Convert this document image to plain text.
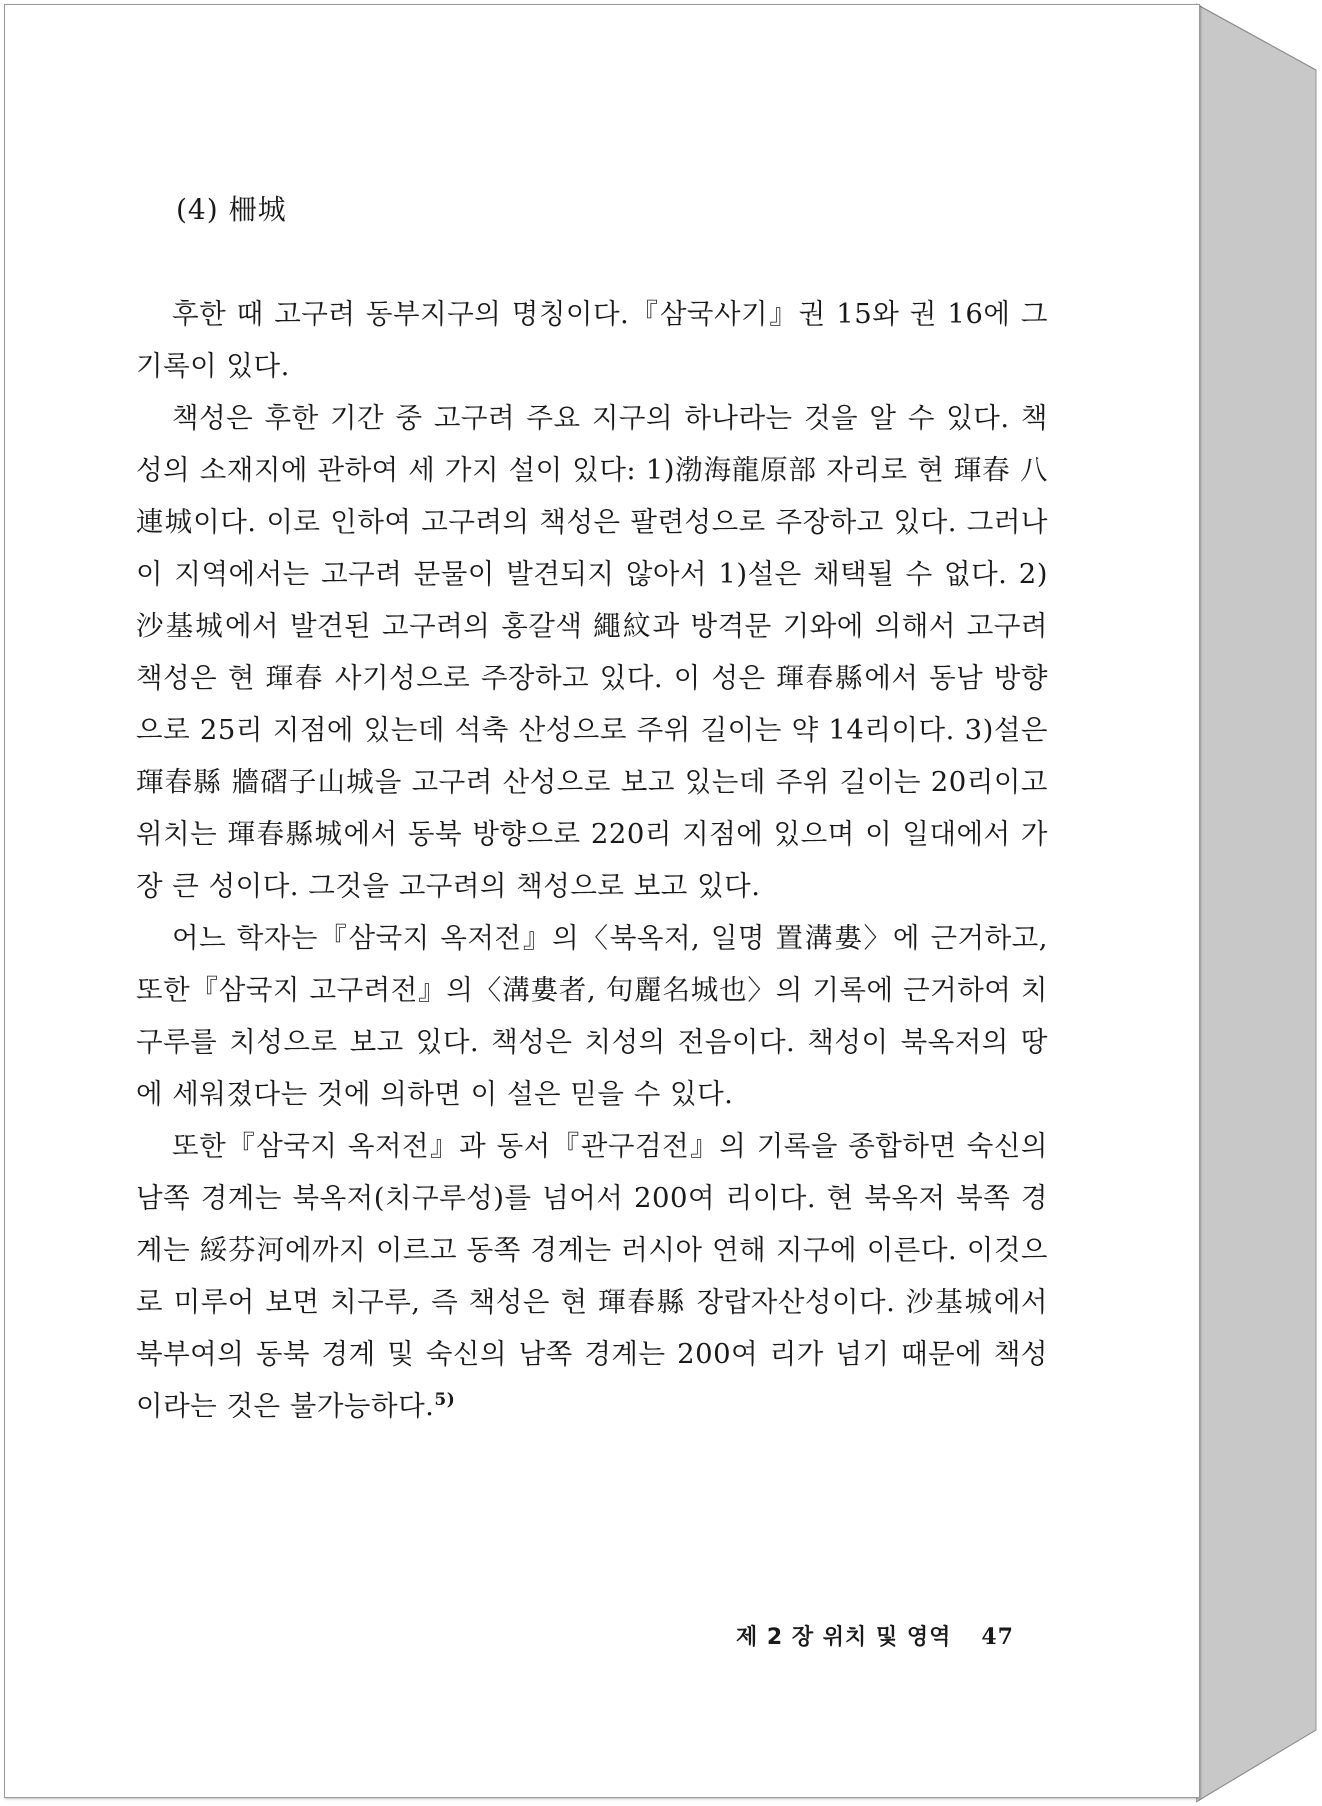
(4) 柵城

후한 때 고구려 동부지구의 명칭이다.『삼국사기』권 15와 권 16에 그 기록이 있다.

책성은 후한 기간 중 고구려 주요 지구의 하나라는 것을 알 수 있다. 책성의 소재지에 관하여 세 가지 설이 있다: 1)渤海龍原部 자리로 현 琿春 八連城이다. 이로 인하여 고구려의 책성은 팔련성으로 주장하고 있다. 그러나 이 지역에서는 고구려 문물이 발견되지 않아서 1)설은 채택될 수 없다. 2)沙基城에서 발견된 고구려의 홍갈색 繩紋과 방격문 기와에 의해서 고구려 책성은 현 琿春 사기성으로 주장하고 있다. 이 성은 琿春縣에서 동남 방향으로 25리 지점에 있는데 석축 산성으로 주위 길이는 약 14리이다. 3)설은 琿春縣 牆磖子山城을 고구려 산성으로 보고 있는데 주위 길이는 20리이고 위치는 琿春縣城에서 동북 방향으로 220리 지점에 있으며 이 일대에서 가장 큰 성이다. 그것을 고구려의 책성으로 보고 있다.

어느 학자는『삼국지 옥저전』의〈북옥저, 일명 置溝婁〉에 근거하고, 또한『삼국지 고구려전』의〈溝婁者, 句麗名城也〉의 기록에 근거하여 치구루를 치성으로 보고 있다. 책성은 치성의 전음이다. 책성이 북옥저의 땅에 세워졌다는 것에 의하면 이 설은 믿을 수 있다.

또한『삼국지 옥저전』과 동서『관구검전』의 기록을 종합하면 숙신의 남쪽 경계는 북옥저(치구루성)를 넘어서 200여 리이다. 현 북옥저 북쪽 경계는 綏芬河에까지 이르고 동쪽 경계는 러시아 연해 지구에 이른다. 이것으로 미루어 보면 치구루, 즉 책성은 현 琿春縣 장랍자산성이다. 沙基城에서 북부여의 동북 경계 및 숙신의 남쪽 경계는 200여 리가 넘기 때문에 책성이라는 것은 불가능하다.$^{5)}$

제 2 장 위치 및 영역 47
